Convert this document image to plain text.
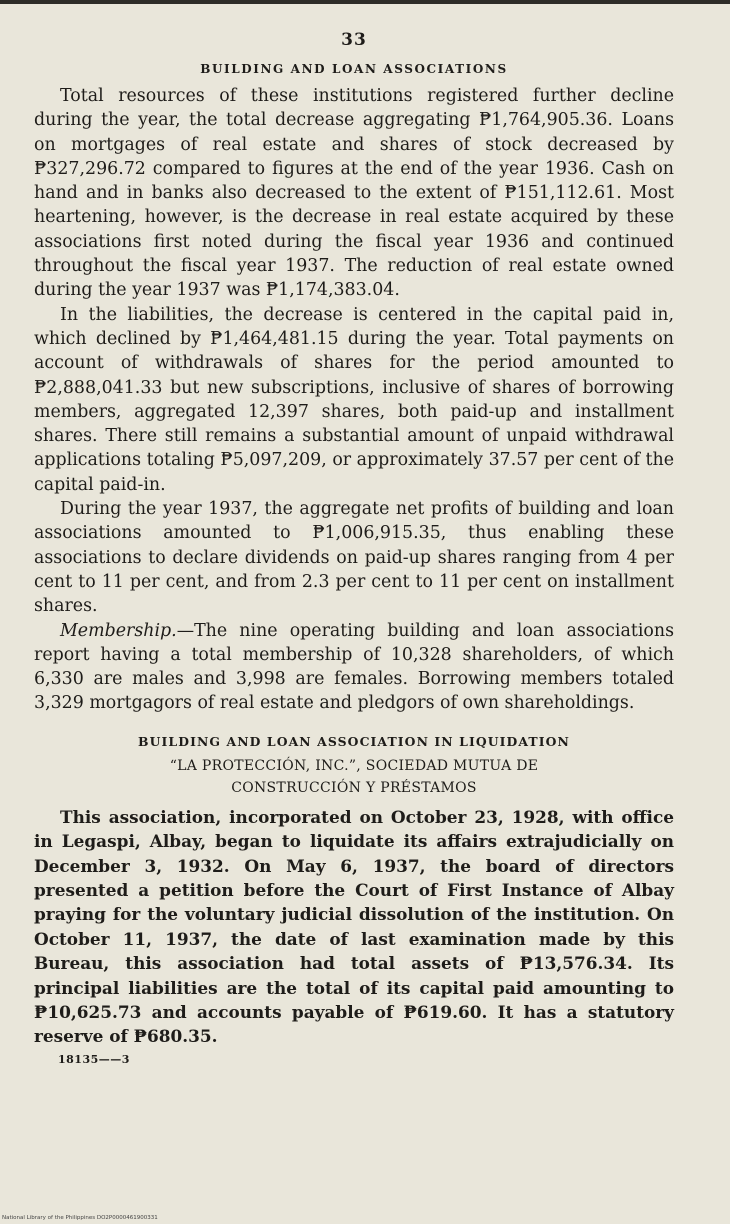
33
BUILDING AND LOAN ASSOCIATIONS

Total resources of these institutions registered further decline during the year, the total decrease aggregating ₱1,764,905.36. Loans on mortgages of real estate and shares of stock decreased by ₱327,296.72 compared to figures at the end of the year 1936. Cash on hand and in banks also decreased to the extent of ₱151,112.61. Most heartening, however, is the decrease in real estate acquired by these associations first noted during the fiscal year 1936 and continued throughout the fiscal year 1937. The reduction of real estate owned during the year 1937 was ₱1,174,383.04.

In the liabilities, the decrease is centered in the capital paid in, which declined by ₱1,464,481.15 during the year. Total payments on account of withdrawals of shares for the period amounted to ₱2,888,041.33 but new subscriptions, inclusive of shares of borrowing members, aggregated 12,397 shares, both paid-up and installment shares. There still remains a substantial amount of unpaid withdrawal applications totaling ₱5,097,209, or approximately 37.57 per cent of the capital paid-in.

During the year 1937, the aggregate net profits of building and loan associations amounted to ₱1,006,915.35, thus enabling these associations to declare dividends on paid-up shares ranging from 4 per cent to 11 per cent, and from 2.3 per cent to 11 per cent on installment shares.

Membership.—The nine operating building and loan associations report having a total membership of 10,328 shareholders, of which 6,330 are males and 3,998 are females. Borrowing members totaled 3,329 mortgagors of real estate and pledgors of own shareholdings.

BUILDING AND LOAN ASSOCIATION IN LIQUIDATION
“LA PROTECCIÓN, INC.”, SOCIEDAD MUTUA DE
CONSTRUCCIÓN Y PRÉSTAMOS

This association, incorporated on October 23, 1928, with office in Legaspi, Albay, began to liquidate its affairs extrajudicially on December 3, 1932. On May 6, 1937, the board of directors presented a petition before the Court of First Instance of Albay praying for the voluntary judicial dissolution of the institution. On October 11, 1937, the date of last examination made by this Bureau, this association had total assets of ₱13,576.34. Its principal liabilities are the total of its capital paid amounting to ₱10,625.73 and accounts payable of ₱619.60. It has a statutory reserve of ₱680.35.

18135——3
National Library of the Philippines DO2P0000461900331
